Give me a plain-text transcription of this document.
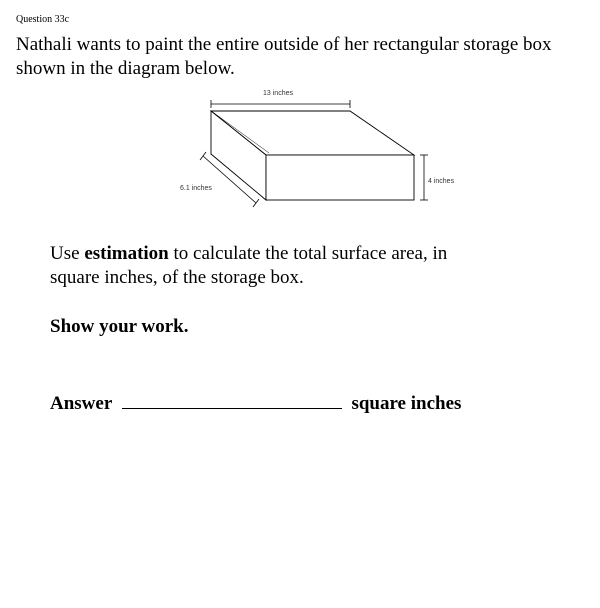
Question 33c
Nathali wants to paint the entire outside of her rectangular storage box shown in the diagram below.
13 inches
4 inches
6.1 inches
Use estimation to calculate the total surface area, in square inches, of the storage box.
Show your work.
Answer	square inches
